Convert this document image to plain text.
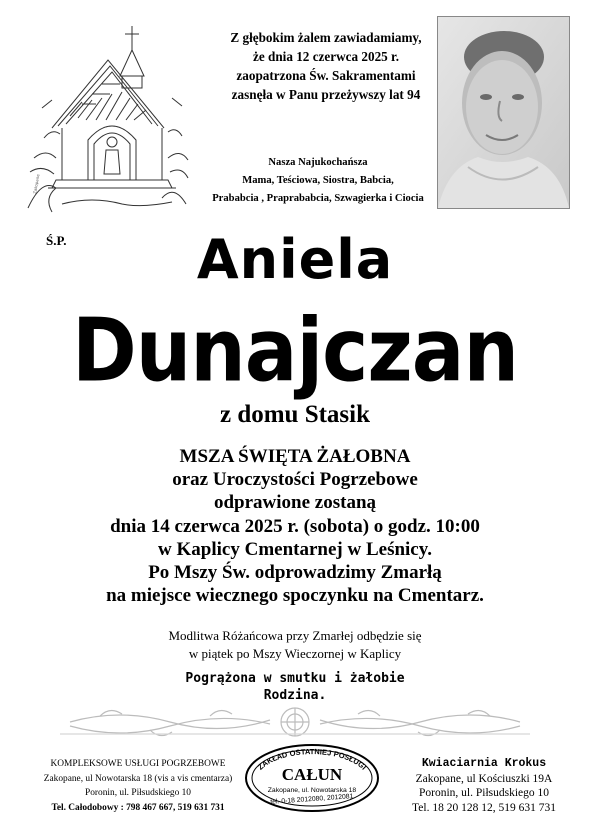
Zakopane
Z głębokim żalem zawiadamiamy,
że dnia 12 czerwca 2025 r.
zaopatrzona Św. Sakramentami
zasnęła w Panu przeżywszy lat 94
Nasza Najukochańsza
Mama, Teściowa, Siostra, Babcia,
Prababcia , Praprababcia, Szwagierka i Ciocia
Ś.P.	Aniela
Dunajczan
z domu Stasik
MSZA ŚWIĘTA ŻAŁOBNA
oraz Uroczystości Pogrzebowe
odprawione zostaną
dnia 14 czerwca 2025 r. (sobota) o godz. 10:00
w Kaplicy Cmentarnej w Leśnicy.
Po Mszy Św. odprowadzimy Zmarłą
na miejsce wiecznego spoczynku na Cmentarz.
Modlitwa Różańcowa przy Zmarłej odbędzie się
w piątek po Mszy Wieczornej w Kaplicy
Pogrążona w smutku i żałobie
Rodzina.
KOMPLEKSOWE USŁUGI POGRZEBOWE
Zakopane, ul Nowotarska 18 (vis a vis cmentarza)
Poronin, ul. Piłsudskiego 10
Tel. Całodobowy : 798 467 667, 519 631 731
ZAKŁAD OSTATNIEJ POSŁUGI
CAŁUN
Zakopane, ul. Nowotarska 18
tel. 0-18 2012080, 2012081
Kwiaciarnia Krokus
Zakopane, ul Kościuszki 19A
Poronin, ul. Piłsudskiego 10
Tel. 18 20 128 12, 519 631 731
